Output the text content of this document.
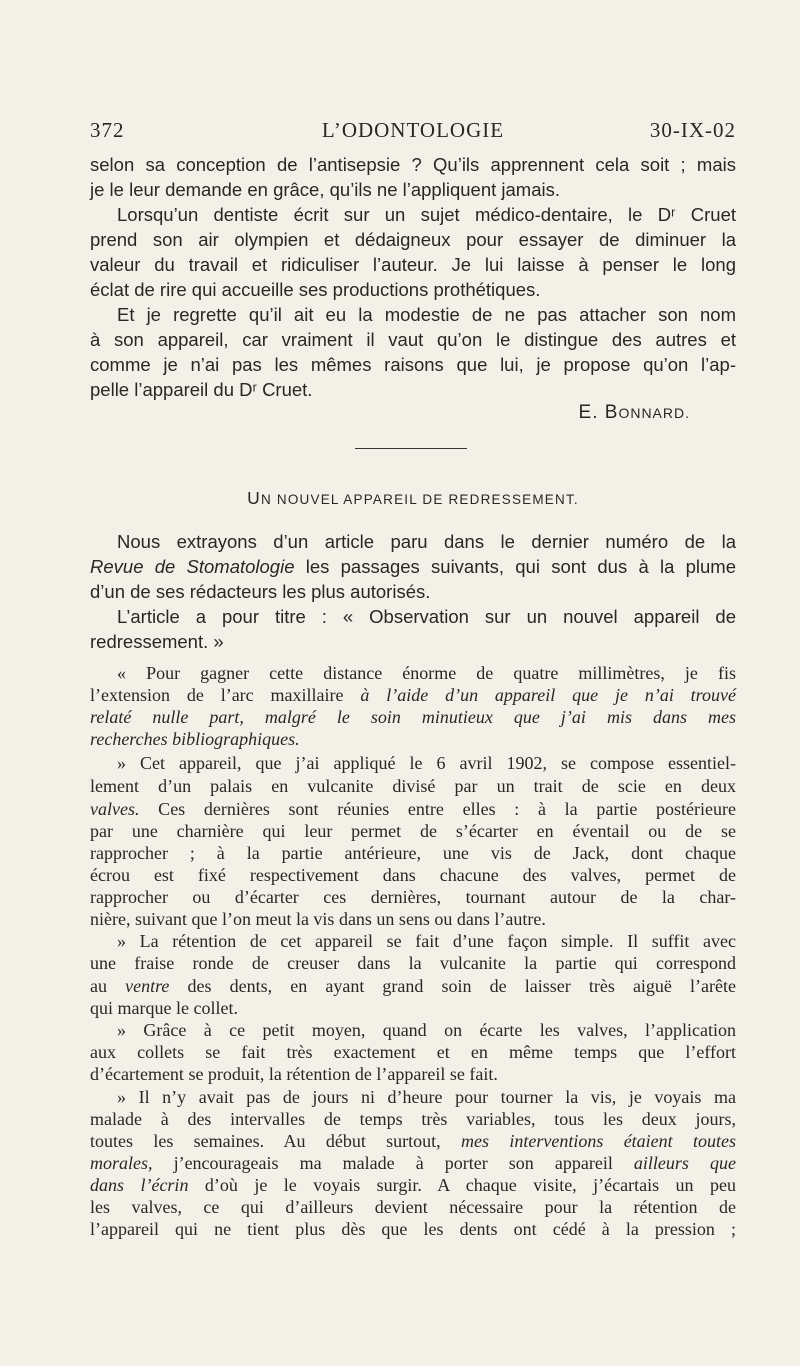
372	L’ODONTOLOGIE	30-IX-02
selon sa conception de l’antisepsie ? Qu’ils apprennent cela soit ; mais
je le leur demande en grâce, qu’ils ne l’appliquent jamais.
Lorsqu’un dentiste écrit sur un sujet médico-dentaire, le Dʳ Cruet
prend son air olympien et dédaigneux pour essayer de diminuer la
valeur du travail et ridiculiser l’auteur. Je lui laisse à penser le long
éclat de rire qui accueille ses productions prothétiques.
Et je regrette qu’il ait eu la modestie de ne pas attacher son nom
à son appareil, car vraiment il vaut qu’on le distingue des autres et
comme je n’ai pas les mêmes raisons que lui, je propose qu’on l’ap-
pelle l’appareil du Dʳ Cruet.
E. BONNARD.
UN NOUVEL APPAREIL DE REDRESSEMENT.
Nous extrayons d’un article paru dans le dernier numéro de la
Revue de Stomatologie les passages suivants, qui sont dus à la plume
d’un de ses rédacteurs les plus autorisés.
L’article a pour titre : « Observation sur un nouvel appareil de
redressement. »
« Pour gagner cette distance énorme de quatre millimètres, je fis
l’extension de l’arc maxillaire à l’aide d’un appareil que je n’ai trouvé
relaté nulle part, malgré le soin minutieux que j’ai mis dans mes
recherches bibliographiques.
» Cet appareil, que j’ai appliqué le 6 avril 1902, se compose essentiel-
lement d’un palais en vulcanite divisé par un trait de scie en deux
valves. Ces dernières sont réunies entre elles : à la partie postérieure
par une charnière qui leur permet de s’écarter en éventail ou de se
rapprocher ; à la partie antérieure, une vis de Jack, dont chaque
écrou est fixé respectivement dans chacune des valves, permet de
rapprocher ou d’écarter ces dernières, tournant autour de la char-
nière, suivant que l’on meut la vis dans un sens ou dans l’autre.
» La rétention de cet appareil se fait d’une façon simple. Il suffit avec
une fraise ronde de creuser dans la vulcanite la partie qui correspond
au ventre des dents, en ayant grand soin de laisser très aiguë l’arête
qui marque le collet.
» Grâce à ce petit moyen, quand on écarte les valves, l’application
aux collets se fait très exactement et en même temps que l’effort
d’écartement se produit, la rétention de l’appareil se fait.
» Il n’y avait pas de jours ni d’heure pour tourner la vis, je voyais ma
malade à des intervalles de temps très variables, tous les deux jours,
toutes les semaines. Au début surtout, mes interventions étaient toutes
morales, j’encourageais ma malade à porter son appareil ailleurs que
dans l’écrin d’où je le voyais surgir. A chaque visite, j’écartais un peu
les valves, ce qui d’ailleurs devient nécessaire pour la rétention de
l’appareil qui ne tient plus dès que les dents ont cédé à la pression ;
